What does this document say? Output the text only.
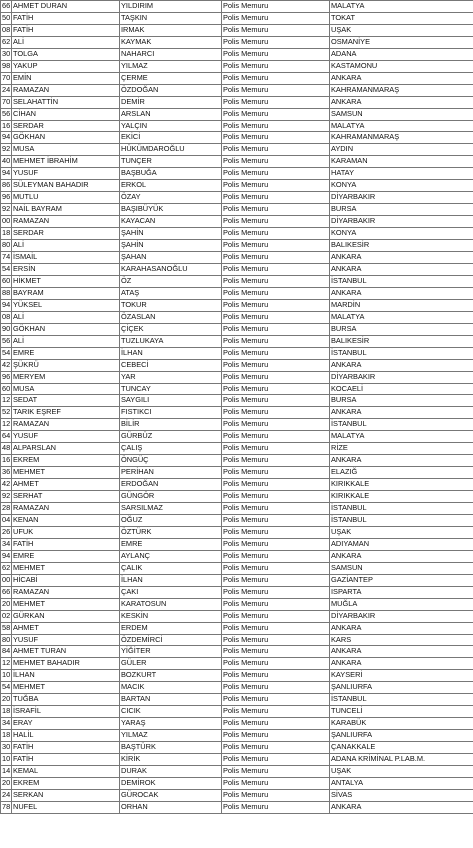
66	AHMET DURAN	YILDIRIM	Polis Memuru	MALATYA
50	FATİH	TAŞKIN	Polis Memuru	TOKAT
08	FATİH	IRMAK	Polis Memuru	UŞAK
62	ALİ	KAYMAK	Polis Memuru	OSMANİYE
30	TOLGA	NAHARCI	Polis Memuru	ADANA
98	YAKUP	YILMAZ	Polis Memuru	KASTAMONU
70	EMİN	ÇERME	Polis Memuru	ANKARA
24	RAMAZAN	ÖZDOĞAN	Polis Memuru	KAHRAMANMARAŞ
70	SELAHATTİN	DEMİR	Polis Memuru	ANKARA
56	CİHAN	ARSLAN	Polis Memuru	SAMSUN
16	SERDAR	YALÇIN	Polis Memuru	MALATYA
94	GÖKHAN	EKİCİ	Polis Memuru	KAHRAMANMARAŞ
92	MUSA	HÜKÜMDAROĞLU	Polis Memuru	AYDIN
40	MEHMET İBRAHİM	TUNÇER	Polis Memuru	KARAMAN
94	YUSUF	BAŞBUĞA	Polis Memuru	HATAY
86	SÜLEYMAN BAHADIR	ERKOL	Polis Memuru	KONYA
96	MUTLU	ÖZAY	Polis Memuru	DİYARBAKIR
92	NAİL BAYRAM	BAŞIBÜYÜK	Polis Memuru	BURSA
00	RAMAZAN	KAYACAN	Polis Memuru	DİYARBAKIR
18	SERDAR	ŞAHİN	Polis Memuru	KONYA
80	ALİ	ŞAHİN	Polis Memuru	BALIKESİR
74	İSMAİL	ŞAHAN	Polis Memuru	ANKARA
54	ERSİN	KARAHASANOĞLU	Polis Memuru	ANKARA
60	HİKMET	ÖZ	Polis Memuru	İSTANBUL
88	BAYRAM	ATAŞ	Polis Memuru	ANKARA
94	YÜKSEL	TOKUR	Polis Memuru	MARDİN
08	ALİ	ÖZASLAN	Polis Memuru	MALATYA
90	GÖKHAN	ÇİÇEK	Polis Memuru	BURSA
56	ALİ	TUZLUKAYA	Polis Memuru	BALIKESİR
54	EMRE	İLHAN	Polis Memuru	İSTANBUL
42	ŞÜKRÜ	CEBECİ	Polis Memuru	ANKARA
96	MERYEM	YAR	Polis Memuru	DİYARBAKIR
60	MUSA	TUNCAY	Polis Memuru	KOCAELİ
12	SEDAT	SAYGILI	Polis Memuru	BURSA
52	TARIK EŞREF	FISTIKCI	Polis Memuru	ANKARA
12	RAMAZAN	BİLİR	Polis Memuru	İSTANBUL
64	YUSUF	GÜRBÜZ	Polis Memuru	MALATYA
48	ALPARSLAN	ÇALIŞ	Polis Memuru	RİZE
16	EKREM	ÖNGÜÇ	Polis Memuru	ANKARA
36	MEHMET	PERİHAN	Polis Memuru	ELAZIĞ
42	AHMET	ERDOĞAN	Polis Memuru	KIRIKKALE
92	SERHAT	GÜNGÖR	Polis Memuru	KIRIKKALE
28	RAMAZAN	SARSILMAZ	Polis Memuru	İSTANBUL
04	KENAN	OĞUZ	Polis Memuru	İSTANBUL
26	UFUK	ÖZTÜRK	Polis Memuru	UŞAK
34	FATİH	EMRE	Polis Memuru	ADIYAMAN
94	EMRE	AYLANÇ	Polis Memuru	ANKARA
62	MEHMET	ÇALIK	Polis Memuru	SAMSUN
00	HİCABİ	İLHAN	Polis Memuru	GAZİANTEP
66	RAMAZAN	ÇAKI	Polis Memuru	ISPARTA
20	MEHMET	KARATOSUN	Polis Memuru	MUĞLA
02	GÜRKAN	KESKİN	Polis Memuru	DİYARBAKIR
58	AHMET	ERDEM	Polis Memuru	ANKARA
80	YUSUF	ÖZDEMİRCİ	Polis Memuru	KARS
84	AHMET TURAN	YİĞİTER	Polis Memuru	ANKARA
12	MEHMET BAHADIR	GÜLER	Polis Memuru	ANKARA
10	İLHAN	BOZKURT	Polis Memuru	KAYSERİ
54	MEHMET	MACIK	Polis Memuru	ŞANLIURFA
20	TUĞBA	BARTAN	Polis Memuru	İSTANBUL
18	İSRAFİL	CICIK	Polis Memuru	TUNCELİ
34	ERAY	YARAŞ	Polis Memuru	KARABÜK
18	HALİL	YILMAZ	Polis Memuru	ŞANLIURFA
30	FATİH	BAŞTÜRK	Polis Memuru	ÇANAKKALE
10	FATİH	KİRİK	Polis Memuru	ADANA KRİMİNAL P.LAB.M.
14	KEMAL	DURAK	Polis Memuru	UŞAK
20	EKREM	DEMİROK	Polis Memuru	ANTALYA
24	SERKAN	GÜROCAK	Polis Memuru	SİVAS
78	NUFEL	ORHAN	Polis Memuru	ANKARA
